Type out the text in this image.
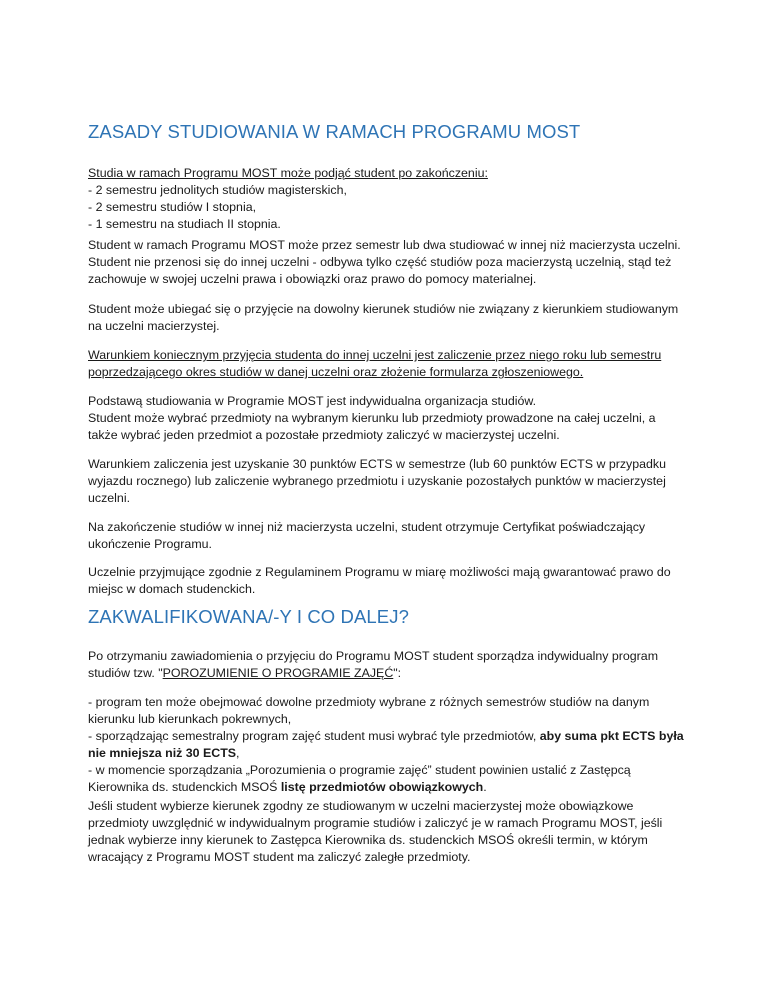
ZASADY STUDIOWANIA W RAMACH PROGRAMU MOST

Studia w ramach Programu MOST może podjąć student po zakończeniu:

- 2 semestru jednolitych studiów magisterskich,

- 2 semestru studiów I stopnia,

- 1 semestru na studiach II stopnia.

Student w ramach Programu MOST może przez semestr lub dwa studiować w innej niż macierzysta uczelni. Student nie przenosi się do innej uczelni - odbywa tylko część studiów poza macierzystą uczelnią, stąd też zachowuje w swojej uczelni prawa i obowiązki oraz prawo do pomocy materialnej.

Student może ubiegać się o przyjęcie na dowolny kierunek studiów nie związany z kierunkiem studiowanym na uczelni macierzystej.

Warunkiem koniecznym przyjęcia studenta do innej uczelni jest zaliczenie przez niego roku lub semestru poprzedzającego okres studiów w danej uczelni oraz złożenie formularza zgłoszeniowego.

Podstawą studiowania w Programie MOST jest indywidualna organizacja studiów.

Student może wybrać przedmioty na wybranym kierunku lub przedmioty prowadzone na całej uczelni, a także wybrać jeden przedmiot a pozostałe przedmioty zaliczyć w macierzystej uczelni.

Warunkiem zaliczenia jest uzyskanie 30 punktów ECTS w semestrze (lub 60 punktów ECTS w przypadku wyjazdu rocznego) lub zaliczenie wybranego przedmiotu i uzyskanie pozostałych punktów w macierzystej uczelni.

Na zakończenie studiów w innej niż macierzysta uczelni, student otrzymuje Certyfikat poświadczający ukończenie Programu.

Uczelnie przyjmujące zgodnie z Regulaminem Programu w miarę możliwości mają gwarantować prawo do miejsc w domach studenckich.

ZAKWALIFIKOWANA/-Y I CO DALEJ?

Po otrzymaniu zawiadomienia o przyjęciu do Programu MOST student sporządza indywidualny program studiów tzw. "POROZUMIENIE O PROGRAMIE ZAJĘĆ":

- program ten może obejmować dowolne przedmioty wybrane z różnych semestrów studiów na danym kierunku lub kierunkach pokrewnych,

- sporządzając semestralny program zajęć student musi wybrać tyle przedmiotów, aby suma pkt ECTS była nie mniejsza niż 30 ECTS,

- w momencie sporządzania „Porozumienia o programie zajęć” student powinien ustalić z Zastępcą Kierownika ds. studenckich MSOŚ listę przedmiotów obowiązkowych.

Jeśli student wybierze kierunek zgodny ze studiowanym w uczelni macierzystej może obowiązkowe przedmioty uwzględnić w indywidualnym programie studiów i zaliczyć je w ramach Programu MOST, jeśli jednak wybierze inny kierunek to Zastępca Kierownika ds. studenckich MSOŚ określi termin, w którym wracający z Programu MOST student ma zaliczyć zaległe przedmioty.
